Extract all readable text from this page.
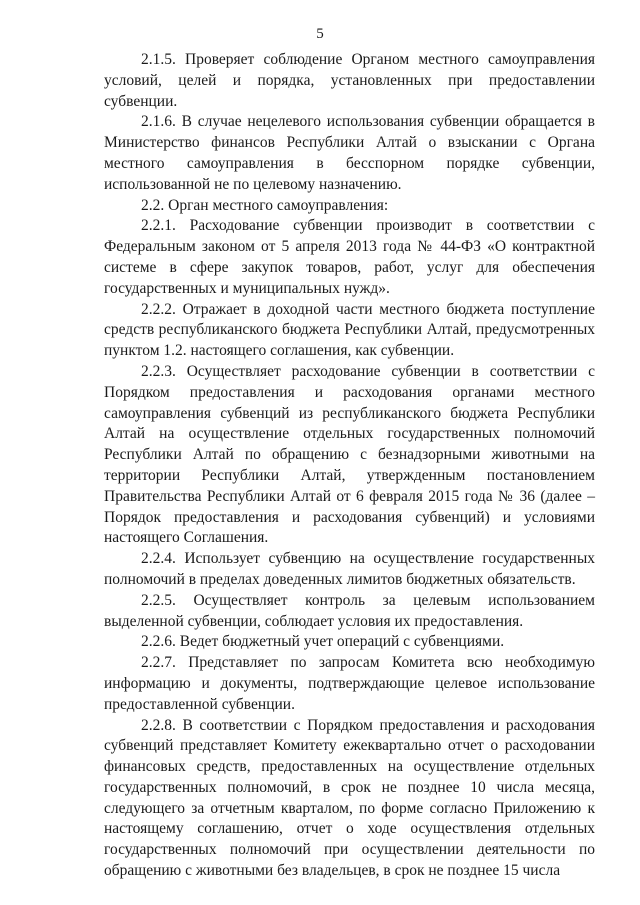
5

2.1.5. Проверяет соблюдение Органом местного самоуправления условий, целей и порядка, установленных при предоставлении субвенции.

2.1.6. В случае нецелевого использования субвенции обращается в Министерство финансов Республики Алтай о взыскании с Органа местного самоуправления в бесспорном порядке субвенции, использованной не по целевому назначению.

2.2. Орган местного самоуправления:

2.2.1. Расходование субвенции производит в соответствии с Федеральным законом от 5 апреля 2013 года № 44-ФЗ «О контрактной системе в сфере закупок товаров, работ, услуг для обеспечения государственных и муниципальных нужд».

2.2.2. Отражает в доходной части местного бюджета поступление средств республиканского бюджета Республики Алтай, предусмотренных пунктом 1.2. настоящего соглашения, как субвенции.

2.2.3. Осуществляет расходование субвенции в соответствии с Порядком предоставления и расходования органами местного самоуправления субвенций из республиканского бюджета Республики Алтай на осуществление отдельных государственных полномочий Республики Алтай по обращению с безнадзорными животными на территории Республики Алтай, утвержденным постановлением Правительства Республики Алтай от 6 февраля 2015 года № 36 (далее – Порядок предоставления и расходования субвенций) и условиями настоящего Соглашения.

2.2.4. Использует субвенцию на осуществление государственных полномочий в пределах доведенных лимитов бюджетных обязательств.

2.2.5. Осуществляет контроль за целевым использованием выделенной субвенции, соблюдает условия их предоставления.

2.2.6. Ведет бюджетный учет операций с субвенциями.

2.2.7. Представляет по запросам Комитета всю необходимую информацию и документы, подтверждающие целевое использование предоставленной субвенции.

2.2.8. В соответствии с Порядком предоставления и расходования субвенций представляет Комитету ежеквартально отчет о расходовании финансовых средств, предоставленных на осуществление отдельных государственных полномочий, в срок не позднее 10 числа месяца, следующего за отчетным кварталом, по форме согласно Приложению к настоящему соглашению, отчет о ходе осуществления отдельных государственных полномочий при осуществлении деятельности по обращению с животными без владельцев, в срок не позднее 15 числа
